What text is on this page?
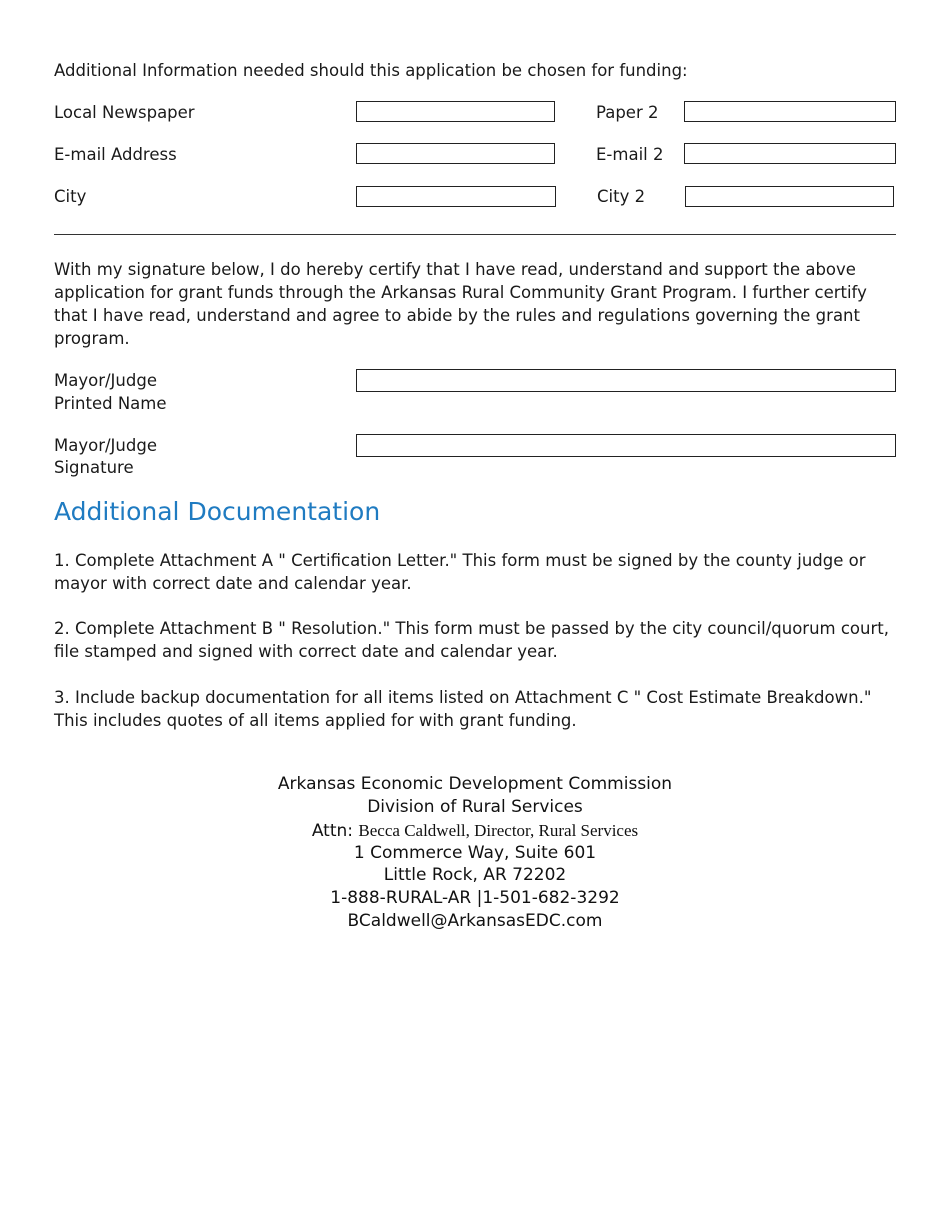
Additional Information needed should this application be chosen for funding:
Local Newspaper	Paper 2
E-mail Address	E-mail 2
City	City 2
With my signature below, I do hereby certify that I have read, understand and support the above application for grant funds through the Arkansas Rural Community Grant Program. I further certify that I have read, understand and agree to abide by the rules and regulations governing the grant program.
Mayor/Judge
Printed Name
Mayor/Judge
Signature
Additional Documentation
1. Complete Attachment A " Certification Letter." This form must be signed by the county judge or mayor with correct date and calendar year.
2. Complete Attachment B " Resolution." This form must be passed by the city council/quorum court, file stamped and signed with correct date and calendar year.
3. Include backup documentation for all items listed on Attachment C " Cost Estimate Breakdown." This includes quotes of all items applied for with grant funding.
Arkansas Economic Development Commission
Division of Rural Services
Attn: Becca Caldwell, Director, Rural Services
1 Commerce Way, Suite 601
Little Rock, AR 72202
1-888-RURAL-AR |1-501-682-3292
BCaldwell@ArkansasEDC.com
